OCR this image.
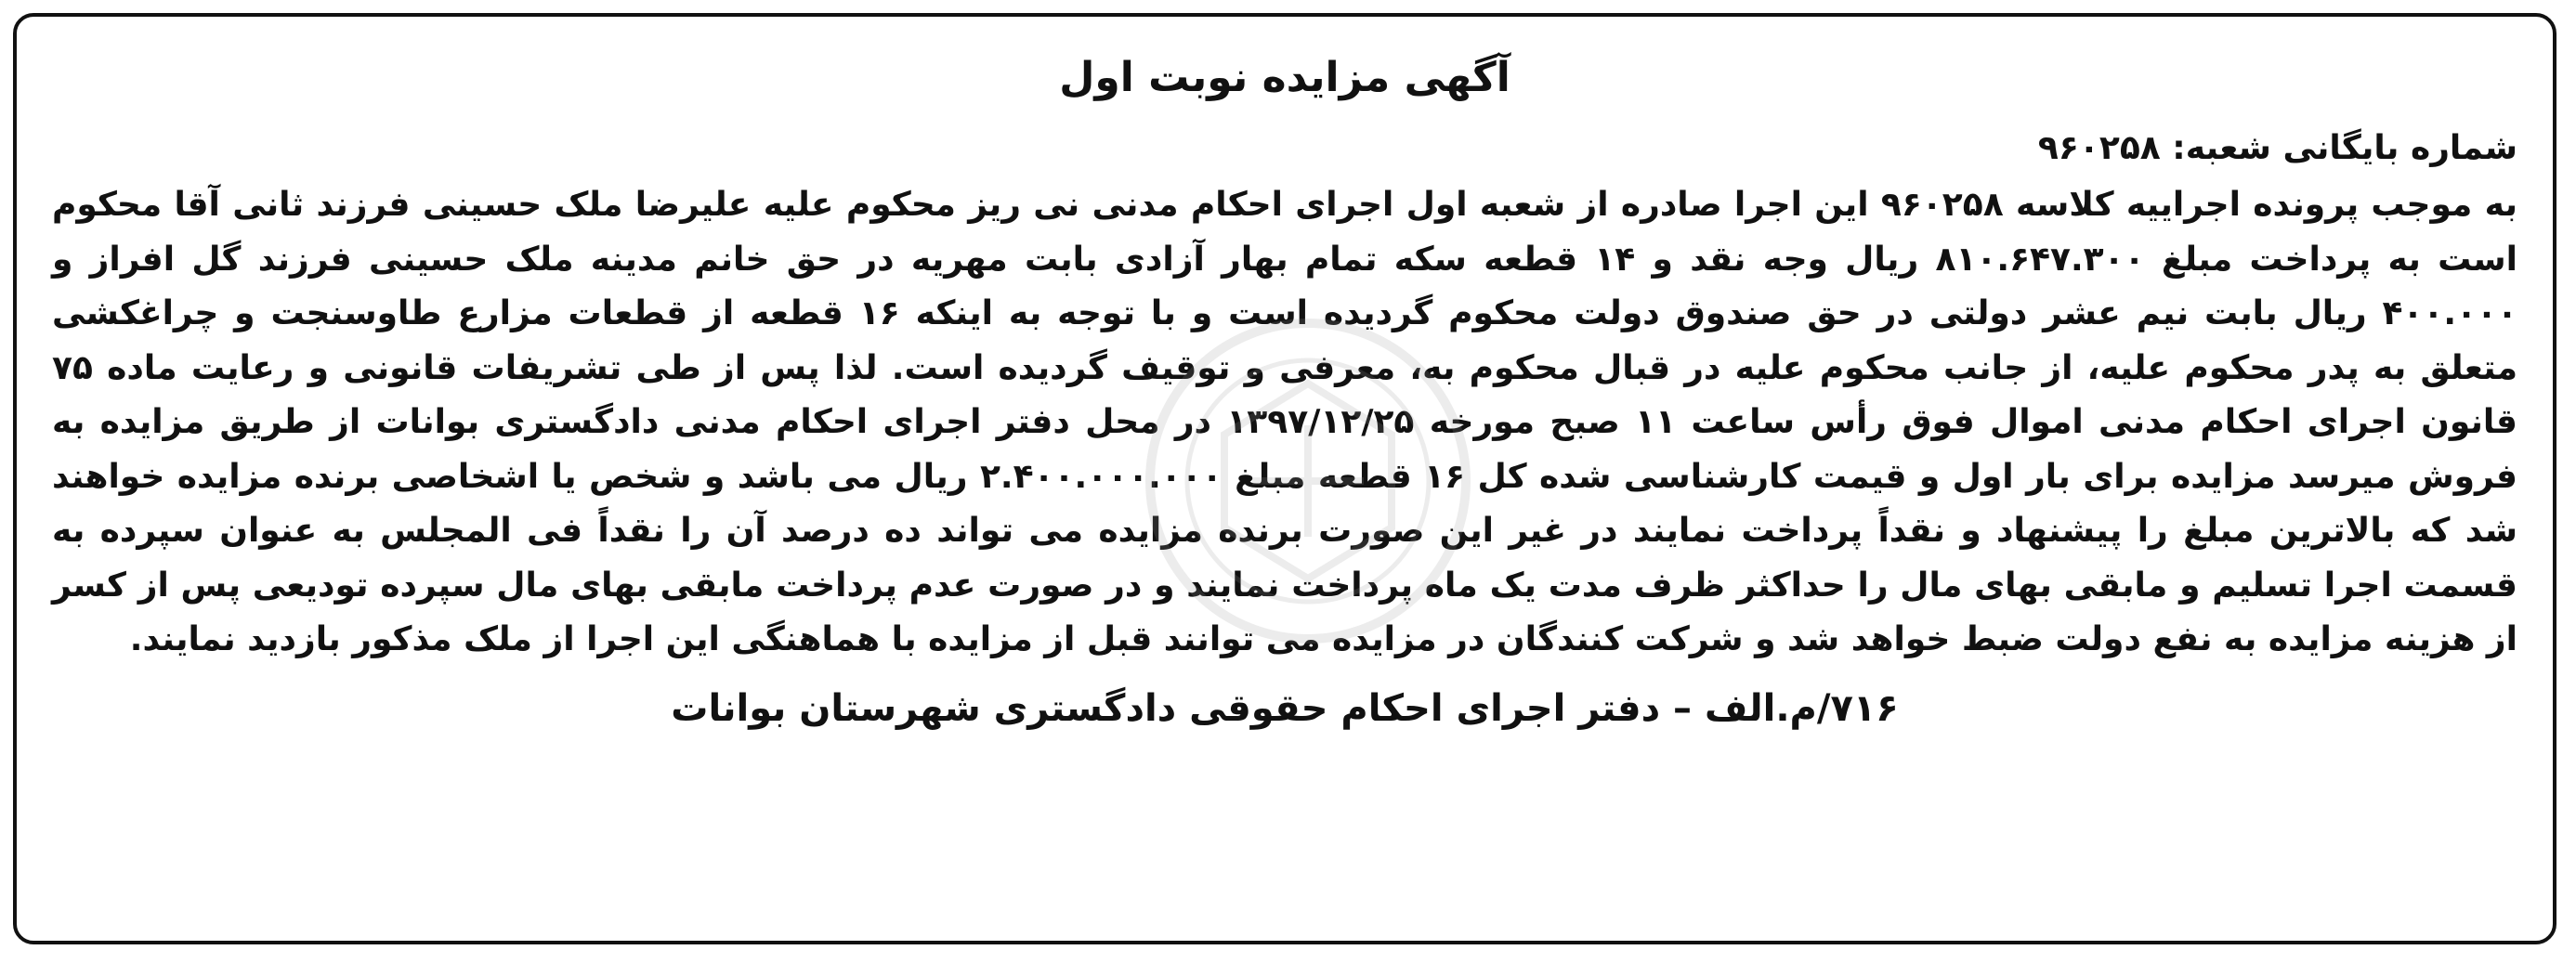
آگهی مزایده نوبت اول
شماره بایگانی شعبه: ۹۶۰۲۵۸

به موجب پرونده اجراییه کلاسه ۹۶۰۲۵۸ این اجرا صادره از شعبه اول اجرای احکام مدنی نی ریز محکوم علیه علیرضا ملک حسینی فرزند ثانی آقا محکوم است به پرداخت مبلغ ۸۱۰.۶۴۷.۳۰۰ ریال وجه نقد و ۱۴ قطعه سکه تمام بهار آزادی بابت مهریه در حق خانم مدینه ملک حسینی فرزند گل افراز و ۴۰۰.۰۰۰ ریال بابت نیم عشر دولتی در حق صندوق دولت محکوم گردیده است و با توجه به اینکه ۱۶ قطعه از قطعات مزارع طاوسنجت و چراغکشی متعلق به پدر محکوم علیه، از جانب محکوم علیه در قبال محکوم به، معرفی و توقیف گردیده است. لذا پس از طی تشریفات قانونی و رعایت ماده ۷۵ قانون اجرای احکام مدنی اموال فوق رأس ساعت ۱۱ صبح مورخه ۱۳۹۷/۱۲/۲۵ در محل دفتر اجرای احکام مدنی دادگستری بوانات از طریق مزایده به فروش میرسد مزایده برای بار اول و قیمت کارشناسی شده کل ۱۶ قطعه مبلغ ۲.۴۰۰.۰۰۰.۰۰۰ ریال می باشد و شخص یا اشخاصی برنده مزایده خواهند شد که بالاترین مبلغ را پیشنهاد و نقداً پرداخت نمایند در غیر این صورت برنده مزایده می تواند ده درصد آن را نقداً فی المجلس به عنوان سپرده به قسمت اجرا تسلیم و مابقی بهای مال را حداکثر ظرف مدت یک ماه پرداخت نمایند و در صورت عدم پرداخت مابقی بهای مال سپرده تودیعی پس از کسر از هزینه مزایده به نفع دولت ضبط خواهد شد و شرکت کنندگان در مزایده می توانند قبل از مزایده با هماهنگی این اجرا از ملک مذکور بازدید نمایند.

۷۱۶/م.الف – دفتر اجرای احکام حقوقی دادگستری شهرستان بوانات
